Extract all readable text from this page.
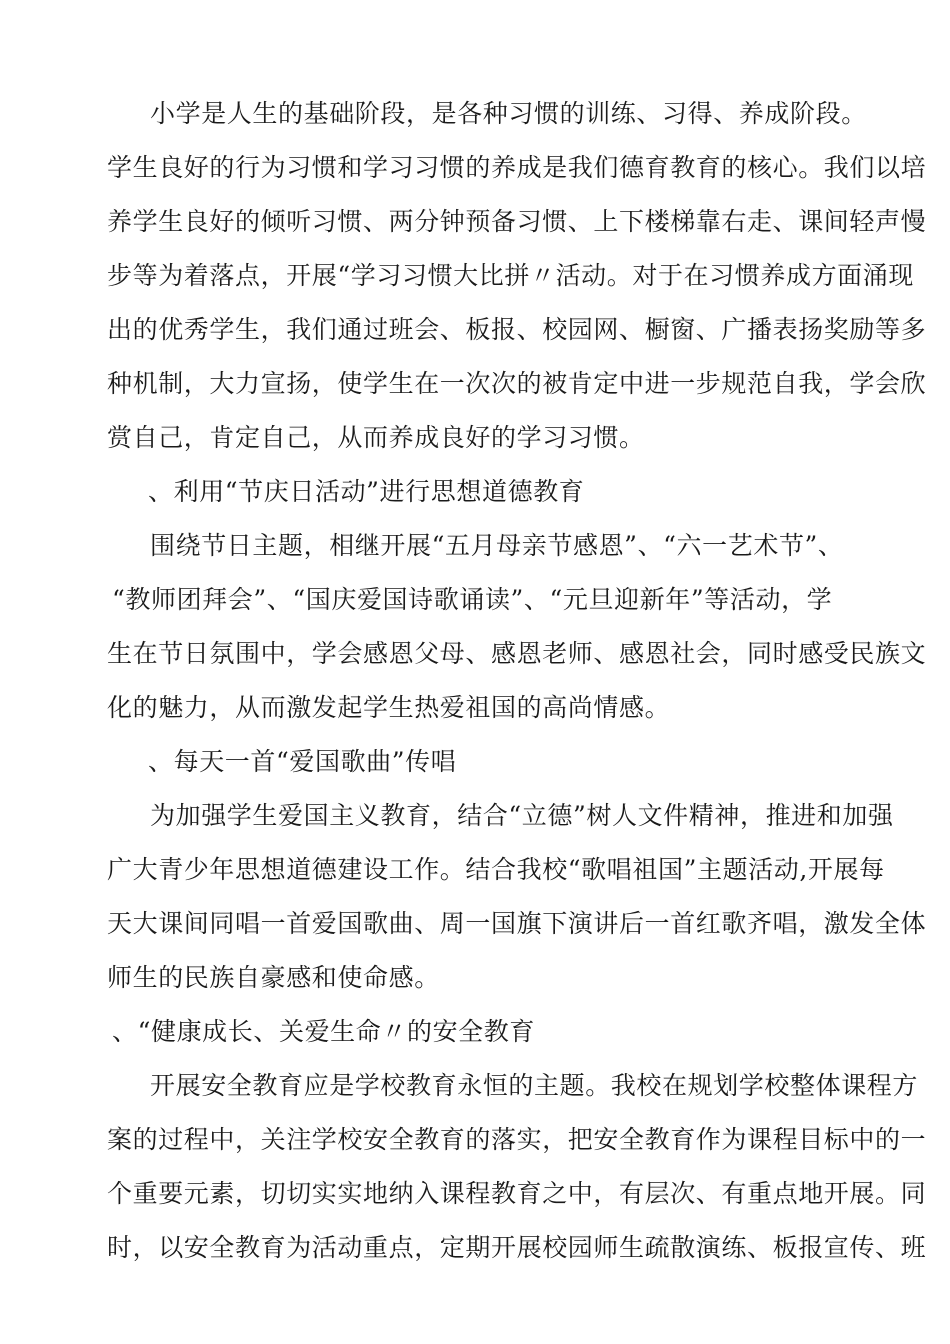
小学是人生的基础阶段，是各种习惯的训练、习得、养成阶段。
学生良好的行为习惯和学习习惯的养成是我们德育教育的核心。我们以培
养学生良好的倾听习惯、两分钟预备习惯、上下楼梯靠右走、课间轻声慢
步等为着落点，开展“学习习惯大比拼〃活动。对于在习惯养成方面涌现
出的优秀学生，我们通过班会、板报、校园网、橱窗、广播表扬奖励等多
种机制，大力宣扬，使学生在一次次的被肯定中进一步规范自我，学会欣
赏自己，肯定自己，从而养成良好的学习习惯。
、利用“节庆日活动”进行思想道德教育
围绕节日主题，相继开展“五月母亲节感恩”、“六一艺术节”、
“教师团拜会”、“国庆爱国诗歌诵读”、“元旦迎新年”等活动，学
生在节日氛围中，学会感恩父母、感恩老师、感恩社会，同时感受民族文
化的魅力，从而激发起学生热爱祖国的高尚情感。
、每天一首“爱国歌曲”传唱
为加强学生爱国主义教育，结合“立德”树人文件精神，推进和加强
广大青少年思想道德建设工作。结合我校“歌唱祖国”主题活动,开展每
天大课间同唱一首爱国歌曲、周一国旗下演讲后一首红歌齐唱，激发全体
师生的民族自豪感和使命感。
、“健康成长、关爱生命〃的安全教育
开展安全教育应是学校教育永恒的主题。我校在规划学校整体课程方
案的过程中，关注学校安全教育的落实，把安全教育作为课程目标中的一
个重要元素，切切实实地纳入课程教育之中，有层次、有重点地开展。同
时，以安全教育为活动重点，定期开展校园师生疏散演练、板报宣传、班
